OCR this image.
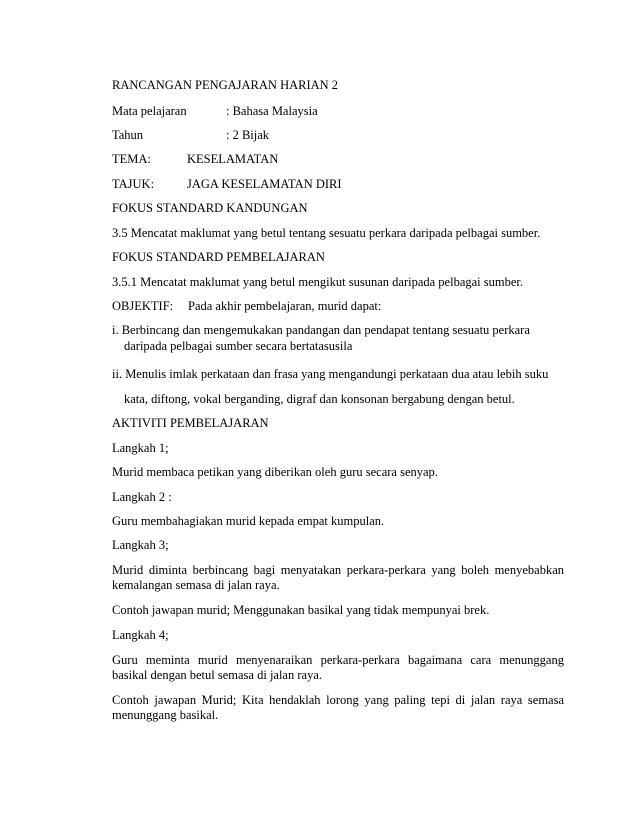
RANCANGAN PENGAJARAN HARIAN 2
Mata pelajaran	: Bahasa Malaysia
Tahun	: 2 Bijak
TEMA:	KESELAMATAN
TAJUK:	JAGA KESELAMATAN DIRI
FOKUS STANDARD KANDUNGAN
3.5 Mencatat maklumat yang betul tentang sesuatu perkara daripada pelbagai sumber.
FOKUS STANDARD PEMBELAJARAN
3.5.1 Mencatat maklumat yang betul mengikut susunan daripada pelbagai sumber.
OBJEKTIF: Pada akhir pembelajaran, murid dapat:
i. Berbincang dan mengemukakan pandangan dan pendapat tentang sesuatu perkara
daripada pelbagai sumber secara bertatasusila
ii. Menulis imlak perkataan dan frasa yang mengandungi perkataan dua atau lebih suku
kata, diftong, vokal berganding, digraf dan konsonan bergabung dengan betul.
AKTIVITI PEMBELAJARAN
Langkah 1;
Murid membaca petikan yang diberikan oleh guru secara senyap.
Langkah 2 :
Guru membahagiakan murid kepada empat kumpulan.
Langkah 3;
Murid diminta berbincang bagi menyatakan perkara-perkara yang boleh menyebabkan kemalangan semasa di jalan raya.
Contoh jawapan murid; Menggunakan basikal yang tidak mempunyai brek.
Langkah 4;
Guru meminta murid menyenaraikan perkara-perkara bagaimana cara menunggang basikal dengan betul semasa di jalan raya.
Contoh jawapan Murid; Kita hendaklah lorong yang paling tepi di jalan raya semasa menunggang basikal.
